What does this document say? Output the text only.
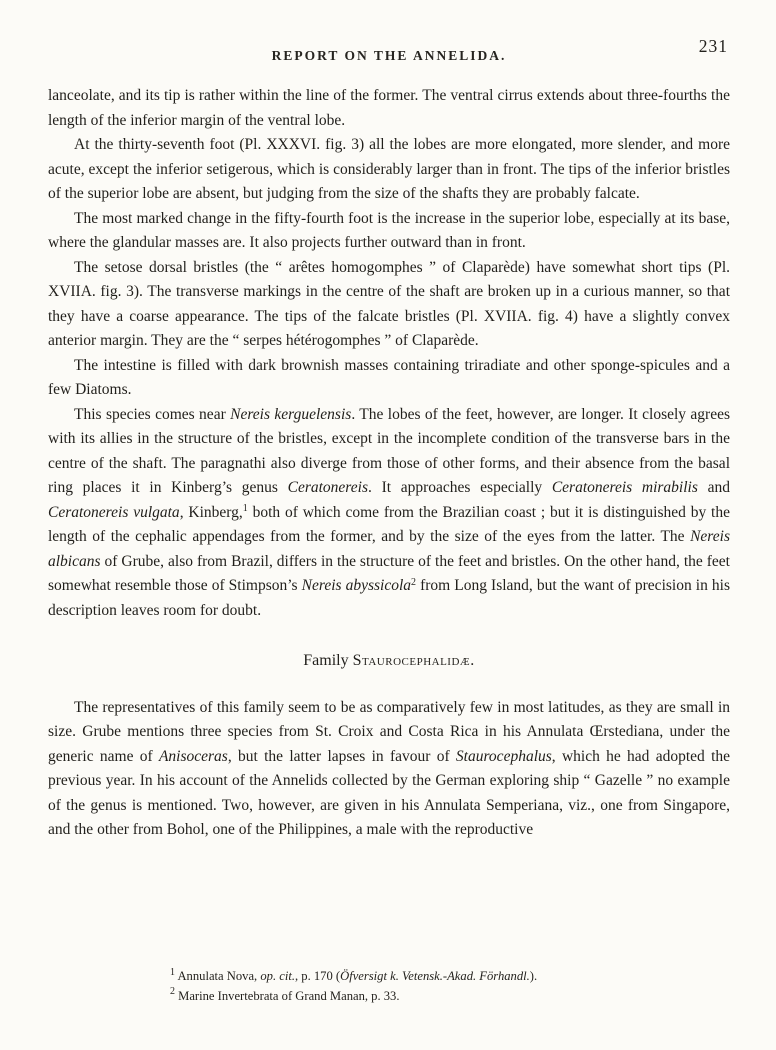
REPORT ON THE ANNELIDA.	231

lanceolate, and its tip is rather within the line of the former. The ventral cirrus extends about three-fourths the length of the inferior margin of the ventral lobe.

At the thirty-seventh foot (Pl. XXXVI. fig. 3) all the lobes are more elongated, more slender, and more acute, except the inferior setigerous, which is considerably larger than in front. The tips of the inferior bristles of the superior lobe are absent, but judging from the size of the shafts they are probably falcate.

The most marked change in the fifty-fourth foot is the increase in the superior lobe, especially at its base, where the glandular masses are. It also projects further outward than in front.

The setose dorsal bristles (the “ arêtes homogomphes ” of Claparède) have somewhat short tips (Pl. XVIIA. fig. 3). The transverse markings in the centre of the shaft are broken up in a curious manner, so that they have a coarse appearance. The tips of the falcate bristles (Pl. XVIIA. fig. 4) have a slightly convex anterior margin. They are the “ serpes hétérogomphes ” of Claparède.

The intestine is filled with dark brownish masses containing triradiate and other sponge-spicules and a few Diatoms.

This species comes near Nereis kerguelensis. The lobes of the feet, however, are longer. It closely agrees with its allies in the structure of the bristles, except in the incomplete condition of the transverse bars in the centre of the shaft. The paragnathi also diverge from those of other forms, and their absence from the basal ring places it in Kinberg’s genus Ceratonereis. It approaches especially Ceratonereis mirabilis and Ceratonereis vulgata, Kinberg,$^1$ both of which come from the Brazilian coast ; but it is distinguished by the length of the cephalic appendages from the former, and by the size of the eyes from the latter. The Nereis albicans of Grube, also from Brazil, differs in the structure of the feet and bristles. On the other hand, the feet somewhat resemble those of Stimpson’s Nereis abyssicola$^2$ from Long Island, but the want of precision in his description leaves room for doubt.

Family Staurocephalidæ.

The representatives of this family seem to be as comparatively few in most latitudes, as they are small in size. Grube mentions three species from St. Croix and Costa Rica in his Annulata Œrstediana, under the generic name of Anisoceras, but the latter lapses in favour of Staurocephalus, which he had adopted the previous year. In his account of the Annelids collected by the German exploring ship “ Gazelle ” no example of the genus is mentioned. Two, however, are given in his Annulata Semperiana, viz., one from Singapore, and the other from Bohol, one of the Philippines, a male with the reproductive

$^1$ Annulata Nova, op. cit., p. 170 (Öfversigt k. Vetensk.-Akad. Förhandl.).
$^2$ Marine Invertebrata of Grand Manan, p. 33.
